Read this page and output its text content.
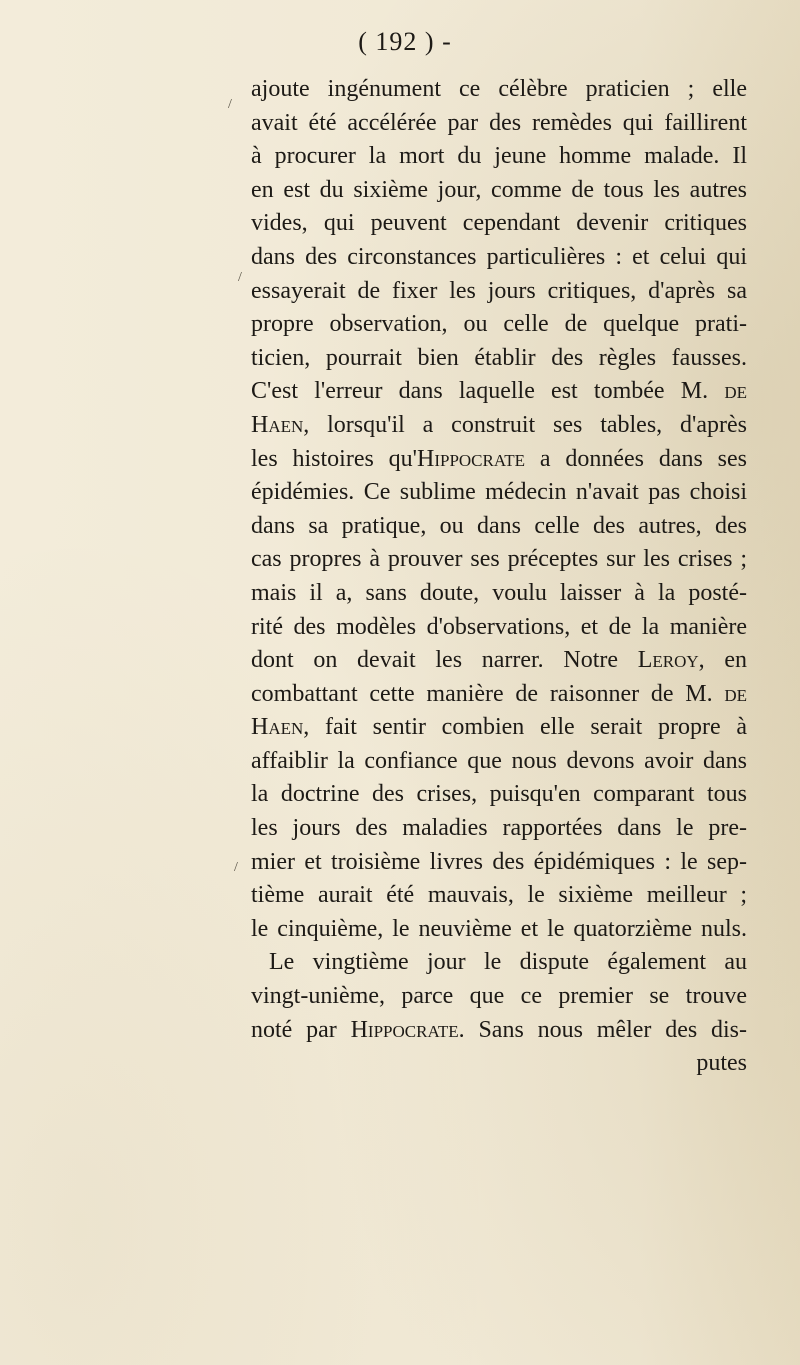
( 192 ) -
ajoute ingénument ce célèbre praticien ; elle
avait été accélérée par des remèdes qui faillirent
à procurer la mort du jeune homme malade. Il
en est du sixième jour, comme de tous les autres
vides, qui peuvent cependant devenir critiques
dans des circonstances particulières : et celui qui
essayerait de fixer les jours critiques, d'après sa
propre observation, ou celle de quelque prati-
ticien, pourrait bien établir des règles fausses.
C'est l'erreur dans laquelle est tombée M. de
Haen, lorsqu'il a construit ses tables, d'après
les histoires qu'Hippocrate a données dans ses
épidémies. Ce sublime médecin n'avait pas choisi
dans sa pratique, ou dans celle des autres, des
cas propres à prouver ses préceptes sur les crises ;
mais il a, sans doute, voulu laisser à la posté-
rité des modèles d'observations, et de la manière
dont on devait les narrer. Notre Leroy, en
combattant cette manière de raisonner de M. de
Haen, fait sentir combien elle serait propre à
affaiblir la confiance que nous devons avoir dans
la doctrine des crises, puisqu'en comparant tous
les jours des maladies rapportées dans le pre-
mier et troisième livres des épidémiques : le sep-
tième aurait été mauvais, le sixième meilleur ;
le cinquième, le neuvième et le quatorzième nuls.
Le vingtième jour le dispute également au
vingt-unième, parce que ce premier se trouve
noté par Hippocrate. Sans nous mêler des dis-
putes
/
/
/
